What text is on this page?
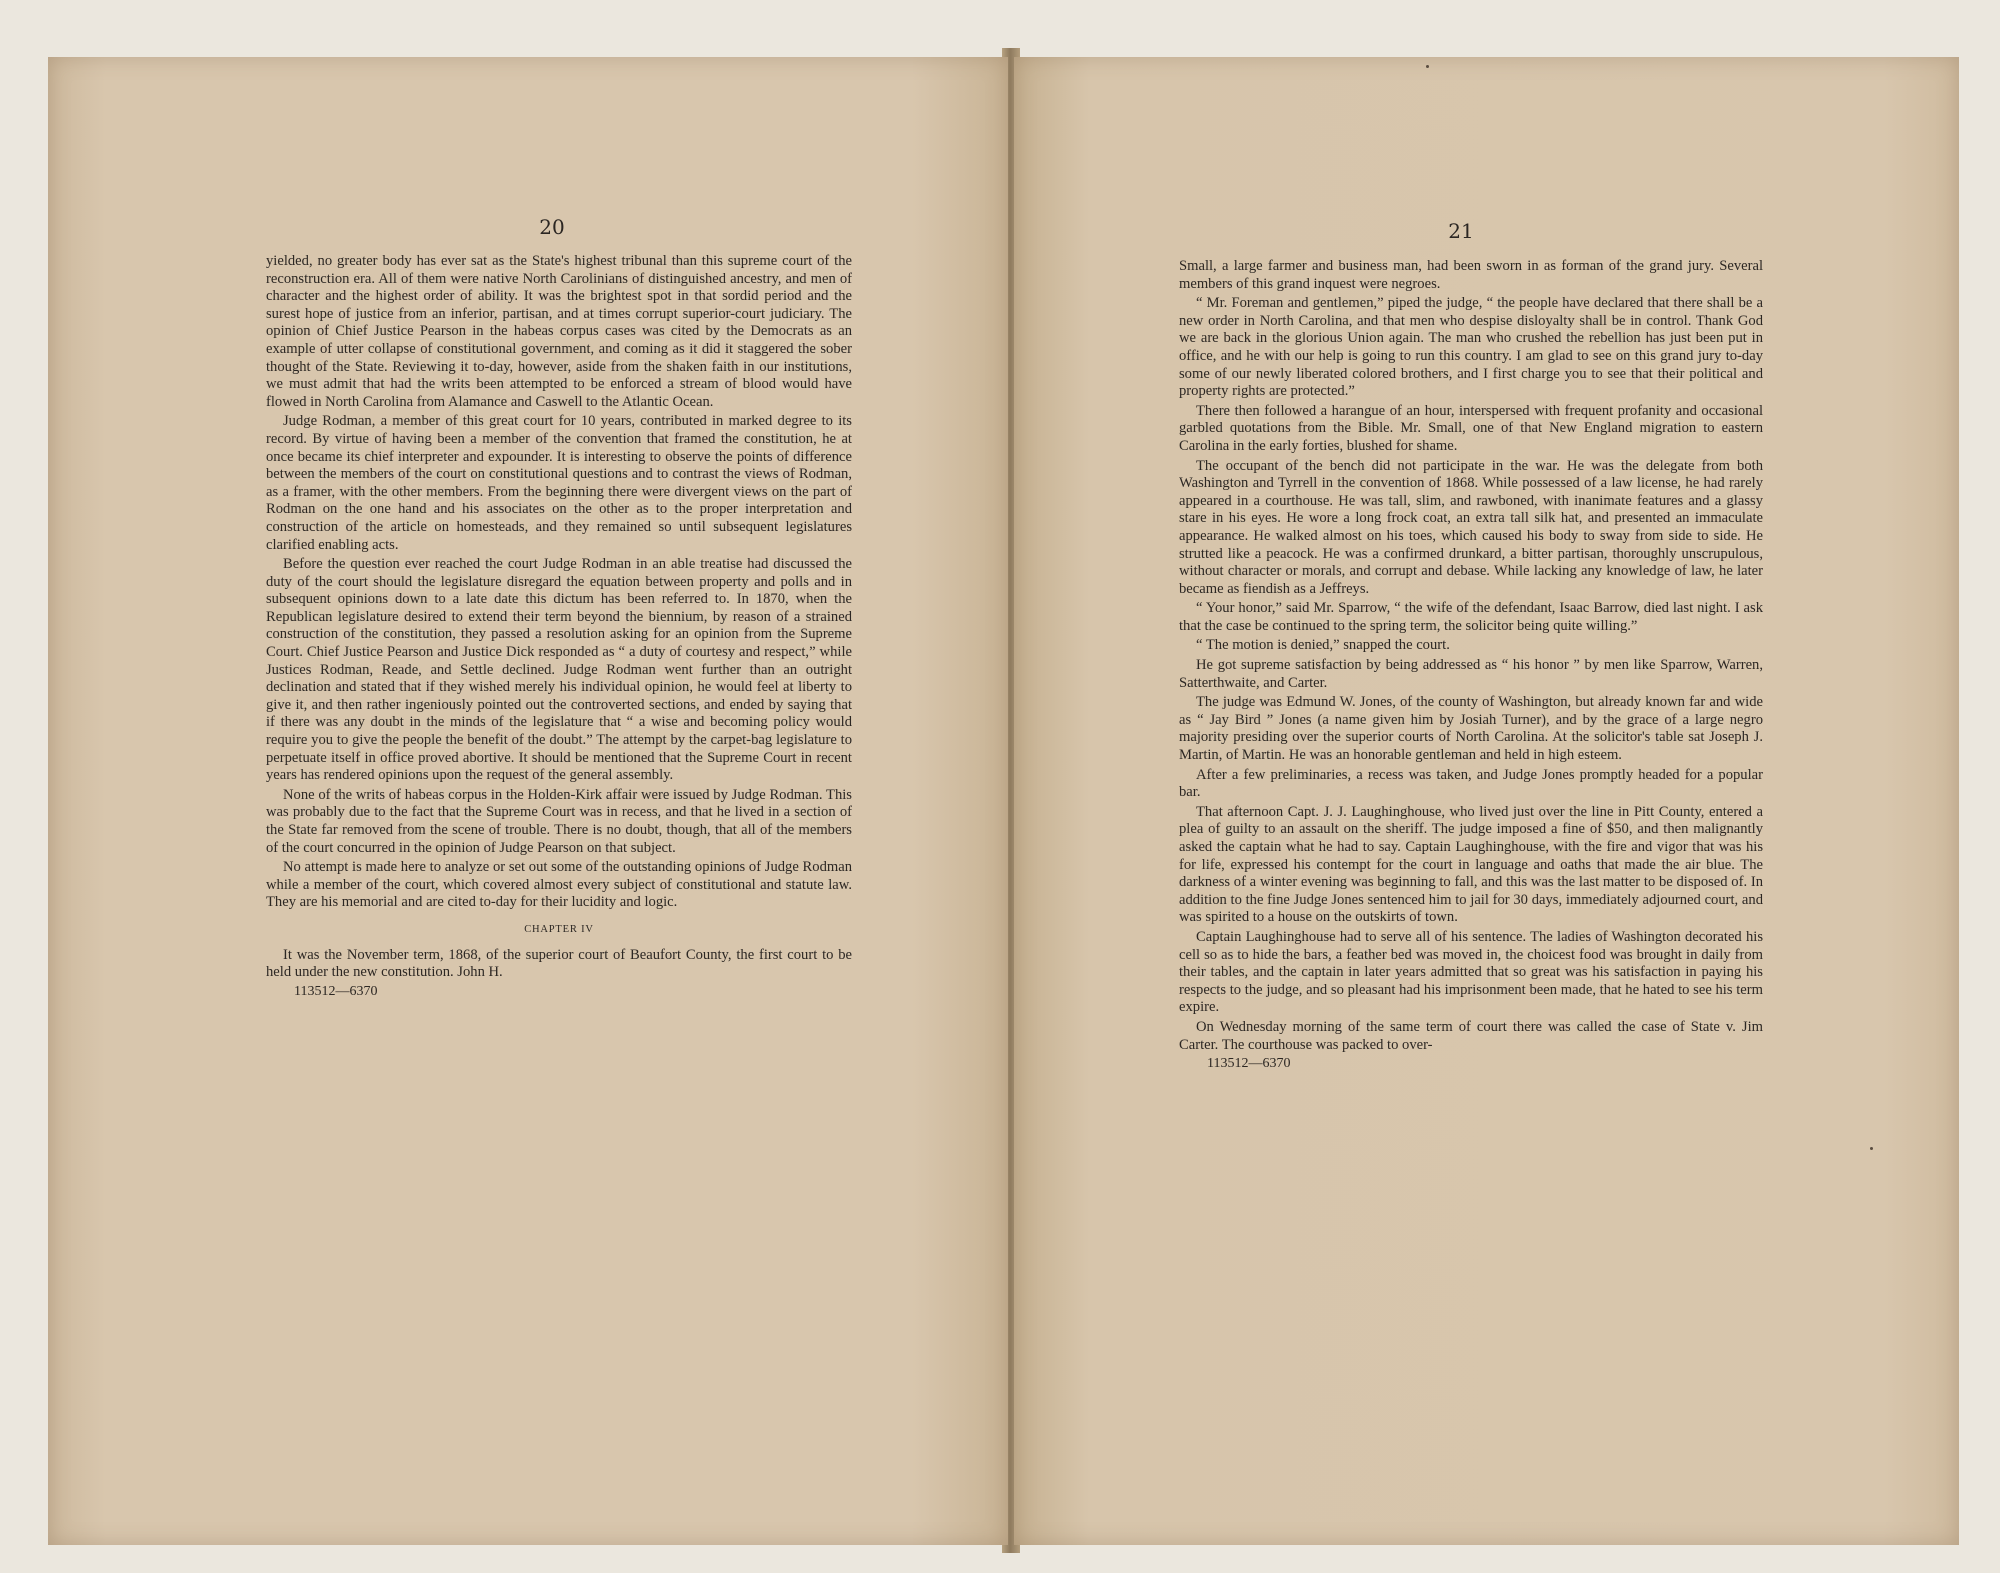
20

yielded, no greater body has ever sat as the State's highest tribunal than this supreme court of the reconstruction era. All of them were native North Carolinians of distinguished ancestry, and men of character and the highest order of ability. It was the brightest spot in that sordid period and the surest hope of justice from an inferior, partisan, and at times corrupt superior-court judiciary. The opinion of Chief Justice Pearson in the habeas corpus cases was cited by the Democrats as an example of utter collapse of constitutional government, and coming as it did it staggered the sober thought of the State. Reviewing it to-day, however, aside from the shaken faith in our institutions, we must admit that had the writs been attempted to be enforced a stream of blood would have flowed in North Carolina from Alamance and Caswell to the Atlantic Ocean.

Judge Rodman, a member of this great court for 10 years, contributed in marked degree to its record. By virtue of having been a member of the convention that framed the constitution, he at once became its chief interpreter and expounder. It is interesting to observe the points of difference between the members of the court on constitutional questions and to contrast the views of Rodman, as a framer, with the other members. From the beginning there were divergent views on the part of Rodman on the one hand and his associates on the other as to the proper interpretation and construction of the article on homesteads, and they remained so until subsequent legislatures clarified enabling acts.

Before the question ever reached the court Judge Rodman in an able treatise had discussed the duty of the court should the legislature disregard the equation between property and polls and in subsequent opinions down to a late date this dictum has been referred to. In 1870, when the Republican legislature desired to extend their term beyond the biennium, by reason of a strained construction of the constitution, they passed a resolution asking for an opinion from the Supreme Court. Chief Justice Pearson and Justice Dick responded as “ a duty of courtesy and respect,” while Justices Rodman, Reade, and Settle declined. Judge Rodman went further than an outright declination and stated that if they wished merely his individual opinion, he would feel at liberty to give it, and then rather ingeniously pointed out the controverted sections, and ended by saying that if there was any doubt in the minds of the legislature that “ a wise and becoming policy would require you to give the people the benefit of the doubt.” The attempt by the carpet-bag legislature to perpetuate itself in office proved abortive. It should be mentioned that the Supreme Court in recent years has rendered opinions upon the request of the general assembly.

None of the writs of habeas corpus in the Holden-Kirk affair were issued by Judge Rodman. This was probably due to the fact that the Supreme Court was in recess, and that he lived in a section of the State far removed from the scene of trouble. There is no doubt, though, that all of the members of the court concurred in the opinion of Judge Pearson on that subject.

No attempt is made here to analyze or set out some of the outstanding opinions of Judge Rodman while a member of the court, which covered almost every subject of constitutional and statute law. They are his memorial and are cited to-day for their lucidity and logic.

CHAPTER IV

It was the November term, 1868, of the superior court of Beaufort County, the first court to be held under the new constitution. John H.

113512—6370
21

Small, a large farmer and business man, had been sworn in as forman of the grand jury. Several members of this grand inquest were negroes.

“ Mr. Foreman and gentlemen,” piped the judge, “ the people have declared that there shall be a new order in North Carolina, and that men who despise disloyalty shall be in control. Thank God we are back in the glorious Union again. The man who crushed the rebellion has just been put in office, and he with our help is going to run this country. I am glad to see on this grand jury to-day some of our newly liberated colored brothers, and I first charge you to see that their political and property rights are protected.”

There then followed a harangue of an hour, interspersed with frequent profanity and occasional garbled quotations from the Bible. Mr. Small, one of that New England migration to eastern Carolina in the early forties, blushed for shame.

The occupant of the bench did not participate in the war. He was the delegate from both Washington and Tyrrell in the convention of 1868. While possessed of a law license, he had rarely appeared in a courthouse. He was tall, slim, and rawboned, with inanimate features and a glassy stare in his eyes. He wore a long frock coat, an extra tall silk hat, and presented an immaculate appearance. He walked almost on his toes, which caused his body to sway from side to side. He strutted like a peacock. He was a confirmed drunkard, a bitter partisan, thoroughly unscrupulous, without character or morals, and corrupt and debase. While lacking any knowledge of law, he later became as fiendish as a Jeffreys.

“ Your honor,” said Mr. Sparrow, “ the wife of the defendant, Isaac Barrow, died last night. I ask that the case be continued to the spring term, the solicitor being quite willing.”

“ The motion is denied,” snapped the court.

He got supreme satisfaction by being addressed as “ his honor ” by men like Sparrow, Warren, Satterthwaite, and Carter.

The judge was Edmund W. Jones, of the county of Washington, but already known far and wide as “ Jay Bird ” Jones (a name given him by Josiah Turner), and by the grace of a large negro majority presiding over the superior courts of North Carolina. At the solicitor's table sat Joseph J. Martin, of Martin. He was an honorable gentleman and held in high esteem.

After a few preliminaries, a recess was taken, and Judge Jones promptly headed for a popular bar.

That afternoon Capt. J. J. Laughinghouse, who lived just over the line in Pitt County, entered a plea of guilty to an assault on the sheriff. The judge imposed a fine of $50, and then malignantly asked the captain what he had to say. Captain Laughinghouse, with the fire and vigor that was his for life, expressed his contempt for the court in language and oaths that made the air blue. The darkness of a winter evening was beginning to fall, and this was the last matter to be disposed of. In addition to the fine Judge Jones sentenced him to jail for 30 days, immediately adjourned court, and was spirited to a house on the outskirts of town.

Captain Laughinghouse had to serve all of his sentence. The ladies of Washington decorated his cell so as to hide the bars, a feather bed was moved in, the choicest food was brought in daily from their tables, and the captain in later years admitted that so great was his satisfaction in paying his respects to the judge, and so pleasant had his imprisonment been made, that he hated to see his term expire.

On Wednesday morning of the same term of court there was called the case of State v. Jim Carter. The courthouse was packed to over-

113512—6370
